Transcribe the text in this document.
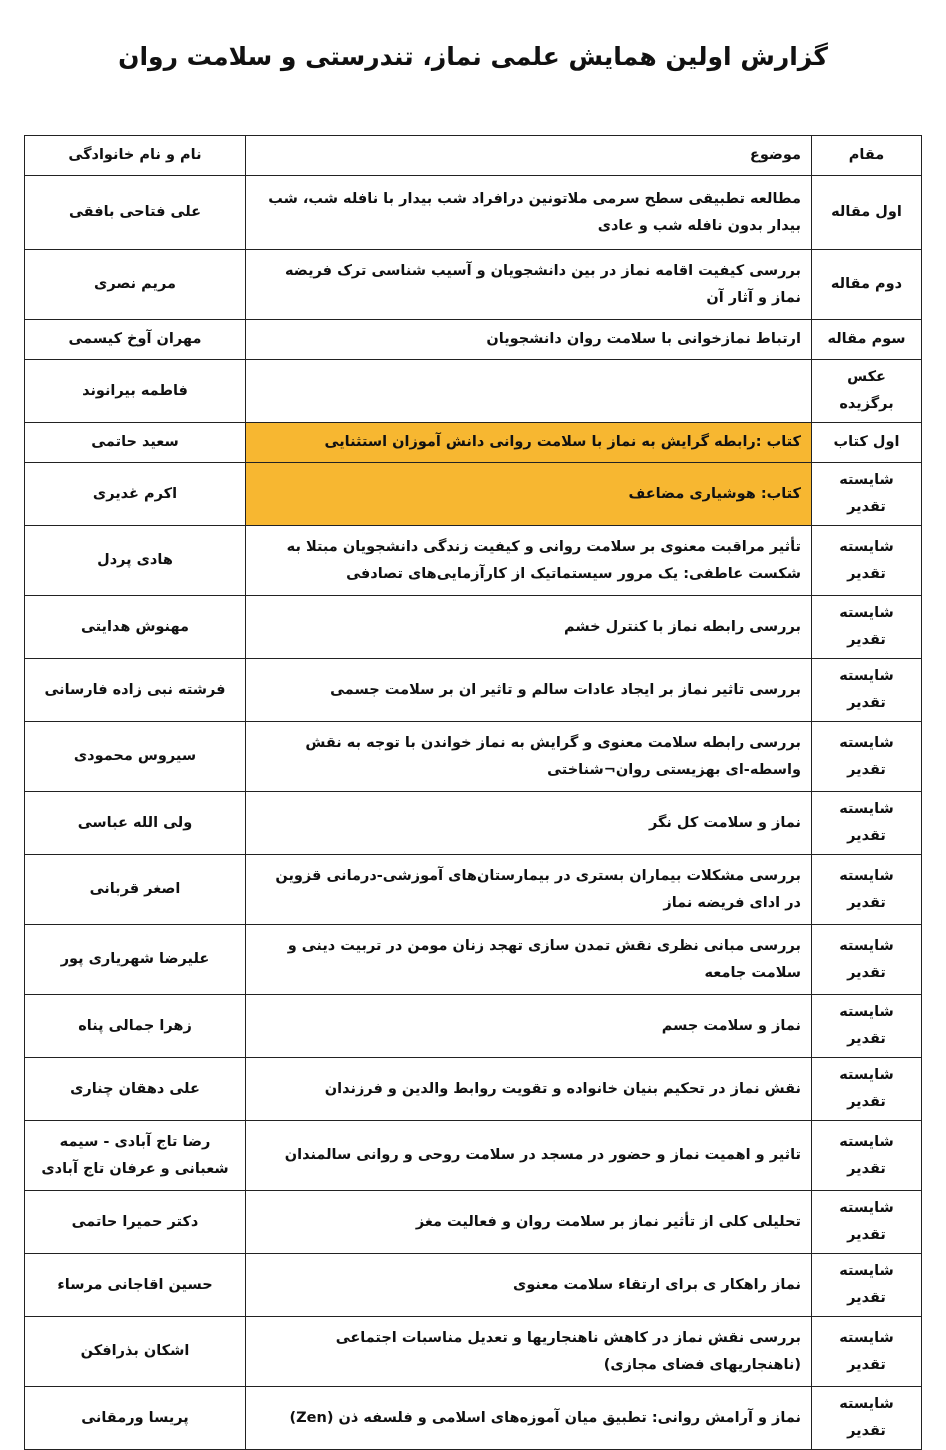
گزارش اولین همایش علمی نماز، تندرستی و سلامت روان
مقام	موضوع	نام و نام خانوادگی
اول مقاله	مطالعه تطبیقی سطح سرمی ملاتونین درافراد شب بیدار با نافله شب، شب بیدار بدون نافله شب و عادی	علی فتاحی بافقی
دوم مقاله	بررسی کیفیت اقامه نماز در بین دانشجویان و آسیب شناسی ترک فریضه نماز و آثار آن	مریم نصری
سوم مقاله	ارتباط نمازخوانی با سلامت روان دانشجویان	مهران آوخ کیسمی
عکس برگزیده		فاطمه بیرانوند
اول کتاب	کتاب :رابطه گرایش به نماز با سلامت روانی دانش آموزان استثنایی	سعید حاتمی
شایسته تقدیر	کتاب: هوشیاری مضاعف	اکرم غدیری
شایسته تقدیر	تأثیر مراقبت معنوی بر سلامت روانی و کیفیت زندگی دانشجویان مبتلا به شکست عاطفی: یک مرور سیستماتیک از کارآزمایی‌های تصادفی	هادی پردل
شایسته تقدیر	بررسی رابطه نماز با کنترل خشم	مهنوش هدایتی
شایسته تقدیر	بررسی تاثیر نماز بر ایجاد عادات سالم و تاثیر ان بر سلامت جسمی	فرشته نبی زاده فارسانی
شایسته تقدیر	بررسی رابطه سلامت معنوی و گرایش به نماز خواندن با توجه به نقش واسطه-ای بهزیستی روان¬شناختی	سیروس محمودی
شایسته تقدیر	نماز و سلامت کل نگر	ولی الله عباسی
شایسته تقدیر	بررسی مشکلات بیماران بستری در بیمارستان‌های آموزشی-درمانی قزوین در ادای فریضه نماز	اصغر قربانی
شایسته تقدیر	بررسی مبانی نظری نقش تمدن سازی تهجد زنان مومن در تربیت دینی و سلامت جامعه	علیرضا شهریاری پور
شایسته تقدیر	نماز و سلامت جسم	زهرا جمالی پناه
شایسته تقدیر	نقش نماز در تحکیم بنیان خانواده و تقویت روابط والدین و فرزندان	علی دهقان چناری
شایسته تقدیر	تاثیر و اهمیت نماز و حضور در مسجد در سلامت روحی و روانی سالمندان	رضا تاج آبادی - سیمه شعبانی و عرفان تاج آبادی
شایسته تقدیر	تحلیلی کلی از تأثیر نماز بر سلامت روان و فعالیت مغز	دکتر حمیرا حاتمی
شایسته تقدیر	نماز راهکار ی برای ارتقاء سلامت معنوی	حسین اقاجانی مرساء
شایسته تقدیر	بررسی نقش نماز در کاهش ناهنجاریها و تعدیل مناسبات اجتماعی (ناهنجاریهای فضای مجازی)	اشکان بذرافکن
شایسته تقدیر	نماز و آرامش روانی: تطبیق میان آموزه‌های اسلامی و فلسفه ذن (Zen)	پریسا ورمقانی
